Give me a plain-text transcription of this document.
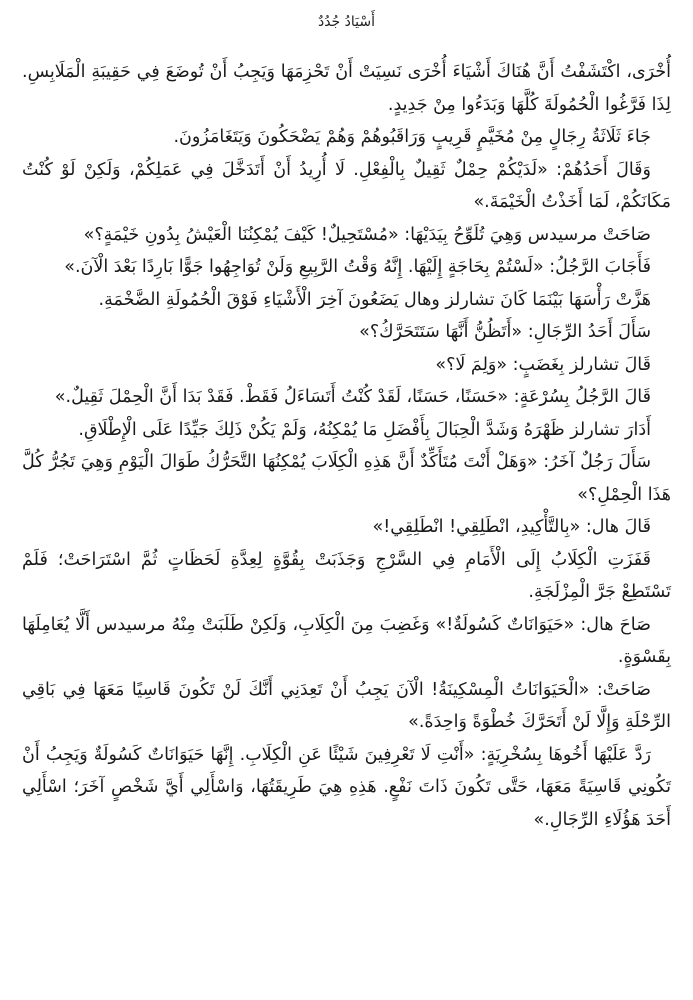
أَسْيَادُ جُدُدٌ

أُخْرَى، اكْتَشَفْتُ أَنَّ هُنَاكَ أَشْيَاءَ أُخْرَى نَسِيَتْ أَنْ تَحْزِمَهَا وَيَجِبُ أَنْ تُوضَعَ فِي حَقِيبَةِ الْمَلَابِسِ. لِذَا فَرَّغُوا الْحُمُولَةَ كُلَّهَا وَبَدَءُوا مِنْ جَدِيدٍ.

جَاءَ ثَلَاثَةُ رِجَالٍ مِنْ مُخَيَّمٍ قَرِيبٍ وَرَاقَبُوهُمْ وَهُمْ يَضْحَكُونَ وَيَتَغَامَزُونَ.

وَقَالَ أَحَدُهُمْ: «لَدَيْكُمْ حِمْلٌ ثَقِيلٌ بِالْفِعْلِ. لَا أُرِيدُ أَنْ أَتَدَخَّلَ فِي عَمَلِكُمْ، وَلَكِنْ لَوْ كُنْتُ مَكَانَكُمْ، لَمَا أَخَذْتُ الْخَيْمَةَ.»

صَاحَتْ مرسيدس وَهِيَ تُلَوِّحُ بِيَدَيْهَا: «مُسْتَحِيلٌ! كَيْفَ يُمْكِنُنَا الْعَيْشُ بِدُونِ خَيْمَةٍ؟»

فَأَجَابَ الرَّجُلُ: «لَسْتُمْ بِحَاجَةٍ إِلَيْهَا. إِنَّهُ وَقْتُ الرَّبِيعِ وَلَنْ تُوَاجِهُوا جَوًّا بَارِدًا بَعْدَ الْآنَ.»

هَزَّتْ رَأْسَهَا بَيْنَمَا كَانَ تشارلز وهال يَضَعُونَ آخِرَ الْأَشْيَاءِ فَوْقَ الْحُمُولَةِ الضَّخْمَةِ.

سَأَلَ أَحَدُ الرِّجَالِ: «أَتَظُنُّ أَنَّهَا سَتَتَحَرَّكُ؟»

قَالَ تشارلز بِغَضَبٍ: «وَلِمَ لَا؟»

قَالَ الرَّجُلُ بِسُرْعَةٍ: «حَسَنًا، حَسَنًا، لَقَدْ كُنْتُ أَتَسَاءَلُ فَقَطْ. فَقَدْ بَدَا أَنَّ الْحِمْلَ ثَقِيلٌ.»

أَدَارَ تشارلز ظَهْرَهُ وَشَدَّ الْحِبَالَ بِأَفْضَلِ مَا يُمْكِنُهُ، وَلَمْ يَكُنْ ذَلِكَ جَيِّدًا عَلَى الْإِطْلَاقِ.

سَأَلَ رَجُلٌ آخَرُ: «وَهَلْ أَنْتَ مُتَأَكِّدٌ أَنَّ هَذِهِ الْكِلَابَ يُمْكِنُهَا التَّحَرُّكُ طَوَالَ الْيَوْمِ وَهِيَ تَجُرُّ كُلَّ هَذَا الْحِمْلِ؟»

قَالَ هال: «بِالتَّأْكِيدِ، انْطَلِقِي! انْطَلِقِي!»

قَفَزَتِ الْكِلَابُ إِلَى الْأَمَامِ فِي السَّرْجِ وَجَذَبَتْ بِقُوَّةٍ لِعِدَّةِ لَحَظَاتٍ ثُمَّ اسْتَرَاحَتْ؛ فَلَمْ تَسْتَطِعْ جَرَّ الْمِزْلَجَةِ.

صَاحَ هال: «حَيَوَانَاتٌ كَسُولَةٌ!» وَغَضِبَ مِنَ الْكِلَابِ، وَلَكِنْ طَلَبَتْ مِنْهُ مرسيدس أَلَّا يُعَامِلَهَا بِقَسْوَةٍ.

صَاحَتْ: «الْحَيَوَانَاتُ الْمِسْكِينَةُ! الْآنَ يَجِبُ أَنْ تَعِدَنِي أَنَّكَ لَنْ تَكُونَ قَاسِيًا مَعَهَا فِي بَاقِي الرِّحْلَةِ وَإِلَّا لَنْ أَتَحَرَّكَ خُطْوَةً وَاحِدَةً.»

رَدَّ عَلَيْهَا أَخُوهَا بِسُخْرِيَةٍ: «أَنْتِ لَا تَعْرِفِينَ شَيْئًا عَنِ الْكِلَابِ. إِنَّهَا حَيَوَانَاتٌ كَسُولَةٌ وَيَجِبُ أَنْ تَكُونِي قَاسِيَةً مَعَهَا، حَتَّى تَكُونَ ذَاتَ نَفْعٍ. هَذِهِ هِيَ طَرِيقَتُهَا، وَاسْأَلِي أَيَّ شَخْصٍ آخَرَ؛ اسْأَلِي أَحَدَ هَؤُلَاءِ الرِّجَالِ.»
